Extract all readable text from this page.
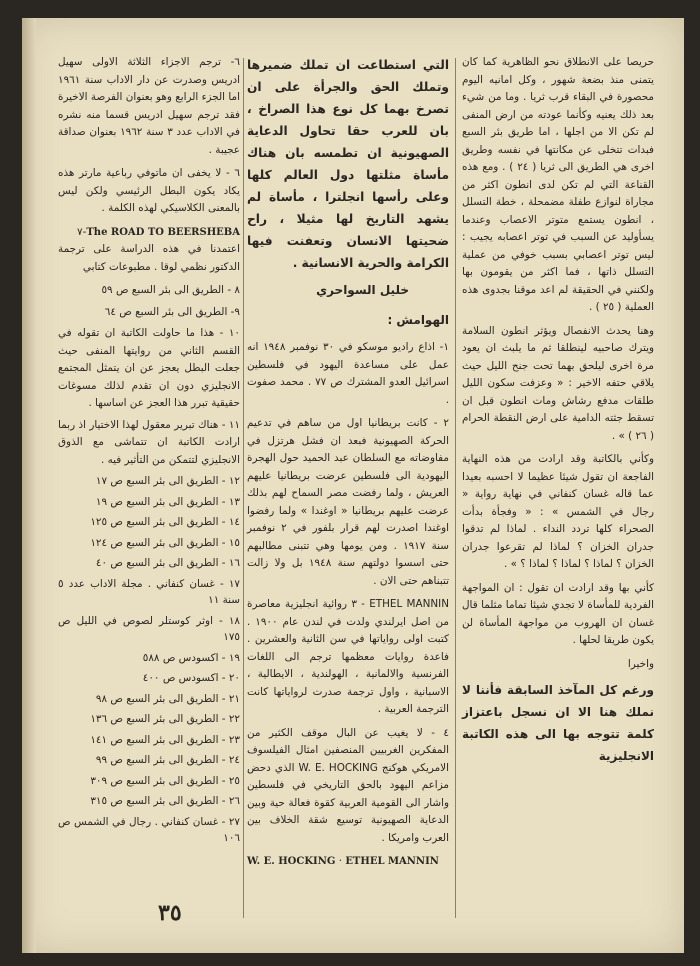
حريصا على الانطلاق نحو الظاهرية كما كان يتمنى منذ بضعة شهور ، وكل امانيه اليوم محصورة في البقاء قرب ثريا . وما من شيء بعد ذلك يعنيه وكأنما عودته من ارض المنفى لم تكن الا من اجلها ، اما طريق بئر السبع فبدات تتخلى عن مكانتها في نفسه وطريق اخرى هي الطريق الى ثريا ( ٢٤ ) . ومع هذه القناعة التي لم تكن لدى انطون اكثر من مجاراة لنوازع طفلة مضمحلة ، خطة التسلل ، انطون يستمع متوتر الاعصاب وعندما يسأوليد عن السبب في توتر اعصابه يجيب : ليس توتر اعصابي بسبب خوفي من عملية التسلل ذاتها ، فما اكثر من يقومون بها ولكنني في الحقيقة لم اعد موقنا بجدوى هذه العملية ( ٢٥ ) .

وهنا يحدث الانفصال ويؤثر انطون السلامة ويترك صاحبيه لينطلقا ثم ما يلبث ان يعود مرة اخرى ليلحق بهما تحت جنح الليل حيث يلاقي حتفه الاخير : « وعزفت سكون الليل طلقات مدفع رشاش ومات انطون قبل ان تسقط جثته الدامية على ارض النقطة الحرام ( ٢٦ ) » .

وكأني بالكاتبة وقد ارادت من هذه النهاية الفاجعة ان تقول شيئا عظيما لا احسبه بعيدا عما قاله غسان كنفاني في نهاية رواية « رجال في الشمس » : « وفجأة بدأت الصحراء كلها تردد النداء . لماذا لم تدقوا جدران الخزان ؟ لماذا لم تقرعوا جدران الخزان ؟ لماذا ؟ لماذا ؟ لماذا ؟ » .

كأني بها وقد ارادت ان تقول : ان المواجهة الفردية للمأساة لا تجدي شيئا تماما مثلما قال غسان ان الهروب من مواجهة المأساة لن يكون طريقا لحلها .

واخيرا

ورغم كل المآخذ السابقة فأننا لا نملك هنا الا ان نسجل باعتزاز كلمة تتوجه بها الى هذه الكاتبة الانجليزية

التي استطاعت ان تملك ضميرها وتملك الحق والجرأة على ان تصرخ بهما كل نوع هذا الصراخ ، بان للعرب حقا تحاول الدعاية الصهيونية ان تطمسه بان هناك مأساة مثلتها دول العالم كلها وعلى رأسها انجلترا ، مأساة لم يشهد التاريخ لها مثيلا ، راح ضحيتها الانسان وتعفنت فيها الكرامة والحرية الانسانية .

خليل السواحري
الهوامش :

١- اذاع راديو موسكو في ٣٠ نوفمبر ١٩٤٨ انه عمل على مساعدة اليهود في فلسطين اسرائيل العدو المشترك ص ٧٧ . محمد صفوت .

٢ - كانت بريطانيا اول من ساهم في تدعيم الحركة الصهيونية فبعد ان فشل هرتزل في مفاوضاته مع السلطان عبد الحميد حول الهجرة اليهودية الى فلسطين عرضت بريطانيا عليهم العريش ، ولما رفضت مصر السماح لهم بذلك عرضت عليهم بريطانيا « اوغندا » ولما رفضوا اوغندا اصدرت لهم قرار بلفور في ٢ نوفمبر سنة ١٩١٧ . ومن يومها وهي تتبنى مطالبهم حتى اسسوا دولتهم سنة ١٩٤٨ بل ولا زالت تتبناهم حتى الان .

ETHEL MANNIN - ٣ روائية انجليزية معاصرة من اصل ايرلندي ولدت في لندن عام ١٩٠٠ . كتبت اولى رواياتها في سن الثانية والعشرين . فاعدة روايات معظمها ترجم الى اللغات الفرنسية والالمانية ، الهولندية ، الايطالية ، الاسبانية ، واول ترجمة صدرت لرواياتها كانت الترجمة العربية .

٤ - لا يغيب عن البال موقف الكثير من المفكرين الغربيين المنصفين امثال الفيلسوف الامريكي هوكنج W. E. HOCKING الذي دحض مزاعم اليهود بالحق التاريخي في فلسطين واشار الى القومية العربية كقوة فعالة حية وبين الدعاية الصهيونية توسيع شقة الخلاف بين العرب وامريكا .

ETHEL MANNIN · W. E. HOCKING

٦- ترجم الاجزاء الثلاثة الاولى سهيل ادريس وصدرت عن دار الاداب سنة ١٩٦١ اما الجزء الرابع وهو بعنوان الفرصة الاخيرة فقد ترجم سهيل ادريس قسما منه نشره في الاداب عدد ٣ سنة ١٩٦٢ بعنوان صداقة عجيبة .

٦ - لا يخفى ان ماتوفي رباعية مارتر هذه يكاد يكون البطل الرئيسي ولكن ليس بالمعنى الكلاسيكي لهذه الكلمة .

The ROAD TO BEERSHEBA-٧

اعتمدنا في هذه الدراسة على ترجمة الدكتور نظمي لوقا . مطبوعات كتابي

٨ - الطريق الى بئر السبع ص ٥٩
٩- الطريق الى بئر السبع ص ٦٤
١٠ - هذا ما حاولت الكاتبة ان تقوله في القسم الثاني من روايتها المنفى حيث جعلت البطل يعجز عن ان يتمثل المجتمع الانجليزي دون ان تقدم لذلك مسوغات حقيقية تبرر هذا العجز عن اساسها .
١١ - هناك تبرير معقول لهذا الاختيار اذ ربما ارادت الكاتبة ان تتماشى مع الذوق الانجليزي لتتمكن من التأثير فيه .
١٢ - الطريق الى بئر السبع ص ١٧
١٣ - الطريق الى بئر السبع ص ١٩
١٤ - الطريق الى بئر السبع ص ١٢٥
١٥ - الطريق الى بئر السبع ص ١٢٤
١٦ - الطريق الى بئر السبع ص ٤٠
١٧ - غسان كنفاني . مجلة الاداب عدد ٥ سنة ١١
١٨ - اوثر كوستلر لصوص في الليل ص ١٧٥
١٩ - اكسودس ص ٥٨٨
٢٠ - اكسودس ص ٤٠٠
٢١ - الطريق الى بئر السبع ص ٩٨
٢٢ - الطريق الى بئر السبع ص ١٣٦
٢٣ - الطريق الى بئر السبع ص ١٤١
٢٤ - الطريق الى بئر السبع ص ٩٩
٢٥ - الطريق الى بئر السبع ص ٣٠٩
٢٦ - الطريق الى بئر السبع ص ٣١٥
٢٧ - غسان كنفاني . رجال في الشمس ص ١٠٦
٣٥
